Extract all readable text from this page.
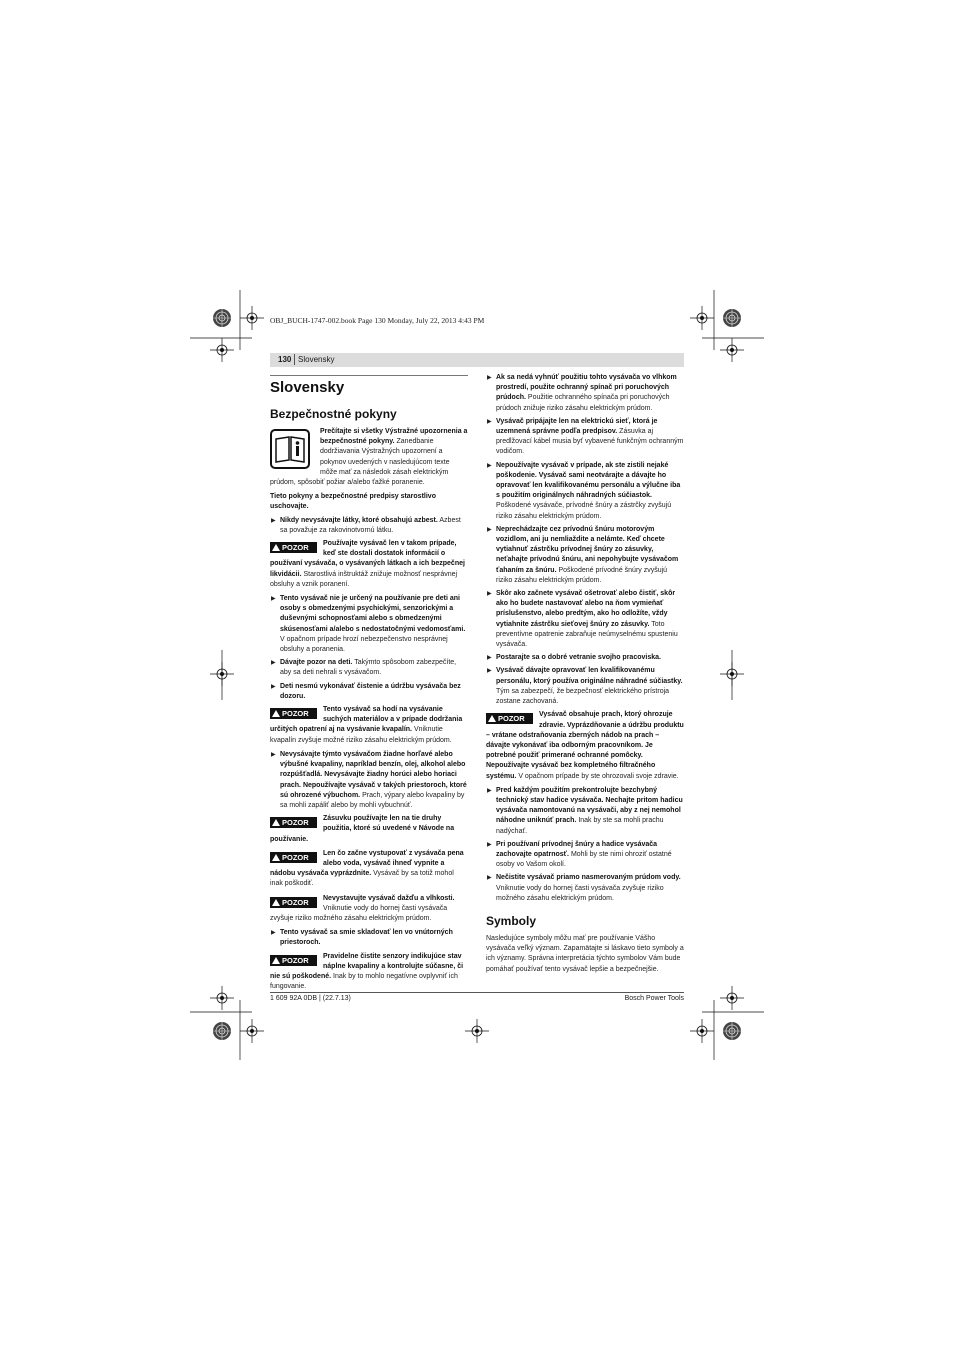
OBJ_BUCH-1747-002.book Page 130 Monday, July 22, 2013 4:43 PM
130 Slovensky
Slovensky
Bezpečnostné pokyny
Prečítajte si všetky Výstražné upozornenia a bezpečnostné pokyny. Zanedbanie dodržiavania Výstražných upozornení a pokynov uvedených v nasledujúcom texte môže mať za následok zásah elektrickým prúdom, spôsobiť požiar a/alebo ťažké poranenie.

Tieto pokyny a bezpečnostné predpisy starostlivo uschovajte.

▶ Nikdy nevysávajte látky, ktoré obsahujú azbest. Azbest sa považuje za rakovinotvornú látku.
POZOR	Používajte vysávač len v takom prípade, keď ste dostali dostatok informácií o používaní vysávača, o vysávaných látkach a ich bezpečnej likvidácii. Starostlivá inštruktáž znižuje možnosť nesprávnej obsluhy a vznik poranení.
▶ Tento vysávač nie je určený na používanie pre deti ani osoby s obmedzenými psychickými, senzorickými a duševnými schopnosťami alebo s obmedzenými skúsenosťami a/alebo s nedostatočnými vedomosťami. V opačnom prípade hrozí nebezpečenstvo nesprávnej obsluhy a poranenia.
▶ Dávajte pozor na deti. Takýmto spôsobom zabezpečíte, aby sa deti nehrali s vysávačom.
▶ Deti nesmú vykonávať čistenie a údržbu vysávača bez dozoru.
POZOR	Tento vysávač sa hodí na vysávanie suchých materiálov a v prípade dodržania určitých opatrení aj na vysávanie kvapalín. Vniknutie kvapalín zvyšuje možné riziko zásahu elektrickým prúdom.
▶ Nevysávajte týmto vysávačom žiadne horľavé alebo výbušné kvapaliny, napríklad benzín, olej, alkohol alebo rozpúšťadlá. Nevysávajte žiadny horúci alebo horiaci prach. Nepoužívajte vysávač v takých priestoroch, ktoré sú ohrozené výbuchom. Prach, výpary alebo kvapaliny by sa mohli zapáliť alebo by mohli vybuchnúť.
POZOR	Zásuvku používajte len na tie druhy použitia, ktoré sú uvedené v Návode na používanie.
POZOR	Len čo začne vystupovať z vysávača pena alebo voda, vysávač ihneď vypnite a nádobu vysávača vyprázdnite. Vysávač by sa totiž mohol inak poškodiť.
POZOR	Nevystavujte vysávač dažďu a vlhkosti. Vniknutie vody do hornej časti vysávača zvyšuje riziko možného zásahu elektrickým prúdom.
▶ Tento vysávač sa smie skladovať len vo vnútorných priestoroch.
POZOR	Pravidelne čistite senzory indikujúce stav náplne kvapaliny a kontrolujte súčasne, či nie sú poškodené. Inak by to mohlo negatívne ovplyvniť ich fungovanie.
▶ Ak sa nedá vyhnúť použitiu tohto vysávača vo vlhkom prostredí, použite ochranný spínač pri poruchových prúdoch. Použitie ochranného spínača pri poruchových prúdoch znižuje riziko zásahu elektrickým prúdom.
▶ Vysávač pripájajte len na elektrickú sieť, ktorá je uzemnená správne podľa predpisov. Zásuvka aj predlžovací kábel musia byť vybavené funkčným ochranným vodičom.
▶ Nepoužívajte vysávač v prípade, ak ste zistili nejaké poškodenie. Vysávač sami neotvárajte a dávajte ho opravovať len kvalifikovanému personálu a výlučne iba s použitím originálnych náhradných súčiastok. Poškodené vysávače, prívodné šnúry a zástrčky zvyšujú riziko zásahu elektrickým prúdom.
▶ Neprechádzajte cez prívodnú šnúru motorovým vozidlom, ani ju nemliaždite a nelámte. Keď chcete vytiahnuť zástrčku prívodnej šnúry zo zásuvky, neťahajte prívodnú šnúru, ani nepohybujte vysávačom ťahaním za šnúru. Poškodené prívodné šnúry zvyšujú riziko zásahu elektrickým prúdom.
▶ Skôr ako začnete vysávač ošetrovať alebo čistiť, skôr ako ho budete nastavovať alebo na ňom vymieňať príslušenstvo, alebo predtým, ako ho odložíte, vždy vytiahnite zástrčku sieťovej šnúry zo zásuvky. Toto preventívne opatrenie zabraňuje neúmyselnému spusteniu vysávača.
▶ Postarajte sa o dobré vetranie svojho pracoviska.
▶ Vysávač dávajte opravovať len kvalifikovanému personálu, ktorý používa originálne náhradné súčiastky. Tým sa zabezpečí, že bezpečnosť elektrického prístroja zostane zachovaná.
POZOR	Vysávač obsahuje prach, ktorý ohrozuje zdravie. Vyprázdňovanie a údržbu produktu – vrátane odstraňovania zberných nádob na prach – dávajte vykonávať iba odborným pracovníkom. Je potrebné použiť primerané ochranné pomôcky. Nepoužívajte vysávač bez kompletného filtračného systému. V opačnom prípade by ste ohrozovali svoje zdravie.
▶ Pred každým použitím prekontrolujte bezchybný technický stav hadice vysávača. Nechajte pritom hadicu vysávača namontovanú na vysávači, aby z nej nemohol náhodne uniknúť prach. Inak by ste sa mohli prachu nadýchať.
▶ Pri používaní prívodnej šnúry a hadice vysávača zachovajte opatrnosť. Mohli by ste nimi ohroziť ostatné osoby vo Vašom okolí.
▶ Nečistite vysávač priamo nasmerovaným prúdom vody. Vniknutie vody do hornej časti vysávača zvyšuje riziko možného zásahu elektrickým prúdom.
Symboly

Nasledujúce symboly môžu mať pre používanie Vášho vysávača veľký význam. Zapamätajte si láskavo tieto symboly a ich významy. Správna interpretácia týchto symbolov Vám bude pomáhať používať tento vysávač lepšie a bezpečnejšie.

1 609 92A 0DB | (22.7.13)	Bosch Power Tools
